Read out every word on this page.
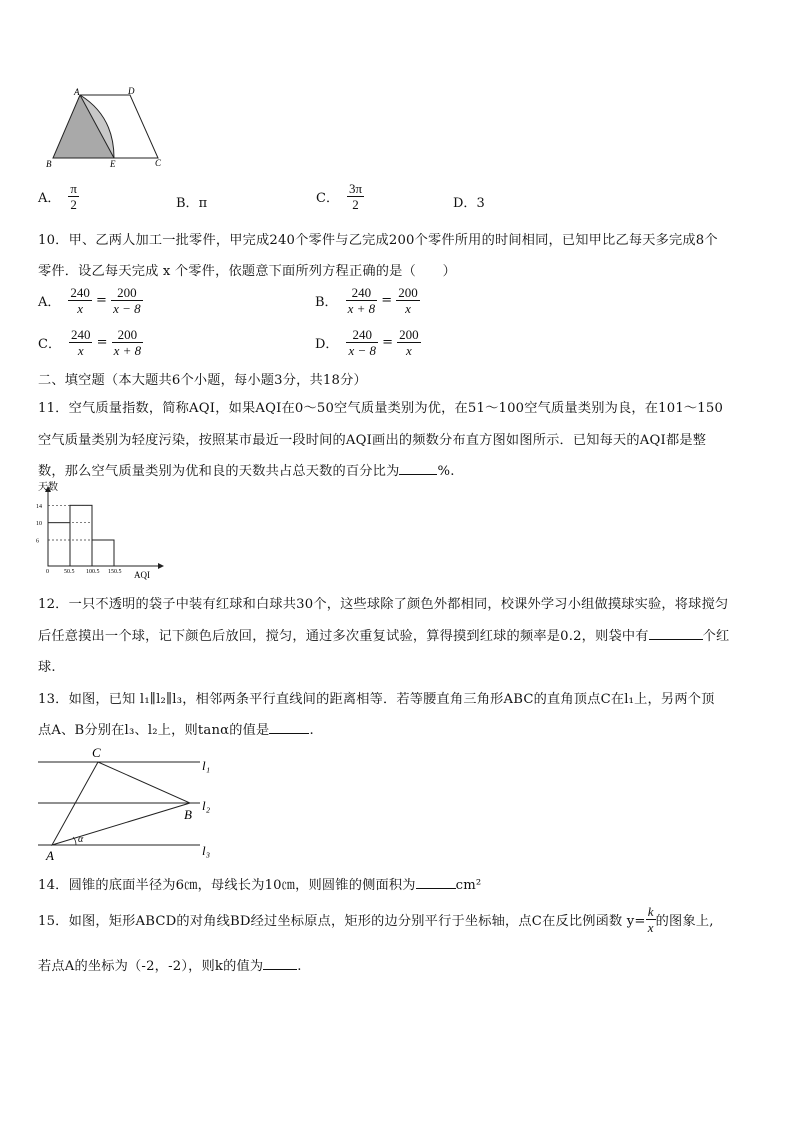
A	D
B	E	C
A． $\frac{\pi}{2}$	B．π	C． $\frac{3\pi}{2}$	D．3
10．甲、乙两人加工一批零件，甲完成240个零件与乙完成200个零件所用的时间相同，已知甲比乙每天多完成8个
零件．设乙每天完成 x 个零件，依题意下面所列方程正确的是（　　）
A． $\frac{240}{x} = \frac{200}{x - 8}$	B． $\frac{240}{x + 8} = \frac{200}{x}$
C． $\frac{240}{x} = \frac{200}{x + 8}$	D． $\frac{240}{x - 8} = \frac{200}{x}$
二、填空题（本大题共6个小题，每小题3分，共18分）
11．空气质量指数，简称AQI，如果AQI在0～50空气质量类别为优，在51～100空气质量类别为良，在101～150
空气质量类别为轻度污染，按照某市最近一段时间的AQI画出的频数分布直方图如图所示．已知每天的AQI都是整
数，那么空气质量类别为优和良的天数共占总天数的百分比为	%.
14
10
6
0	50.5 100.5 150.5
天数
AQI
12．一只不透明的袋子中装有红球和白球共30个，这些球除了颜色外都相同，校课外学习小组做摸球实验，将球搅匀
后任意摸出一个球，记下颜色后放回，搅匀，通过多次重复试验，算得摸到红球的频率是0.2，则袋中有	个红
球.
13．如图，已知 l₁∥l₂∥l₃，相邻两条平行直线间的距离相等．若等腰直角三角形ABC的直角顶点C在l₁上，另两个顶
点A、B分别在l₃、l₂上，则tanα的值是	.
C
B
A
α
l₁
l₂
l₃
14．圆锥的底面半径为6㎝，母线长为10㎝，则圆锥的侧面积为	cm²
15．如图，矩形ABCD的对角线BD经过坐标原点，矩形的边分别平行于坐标轴，点C在反比例函数 $y= \frac{k}{x}$ 的图象上,
若点A的坐标为（-2，-2），则k的值为	.
